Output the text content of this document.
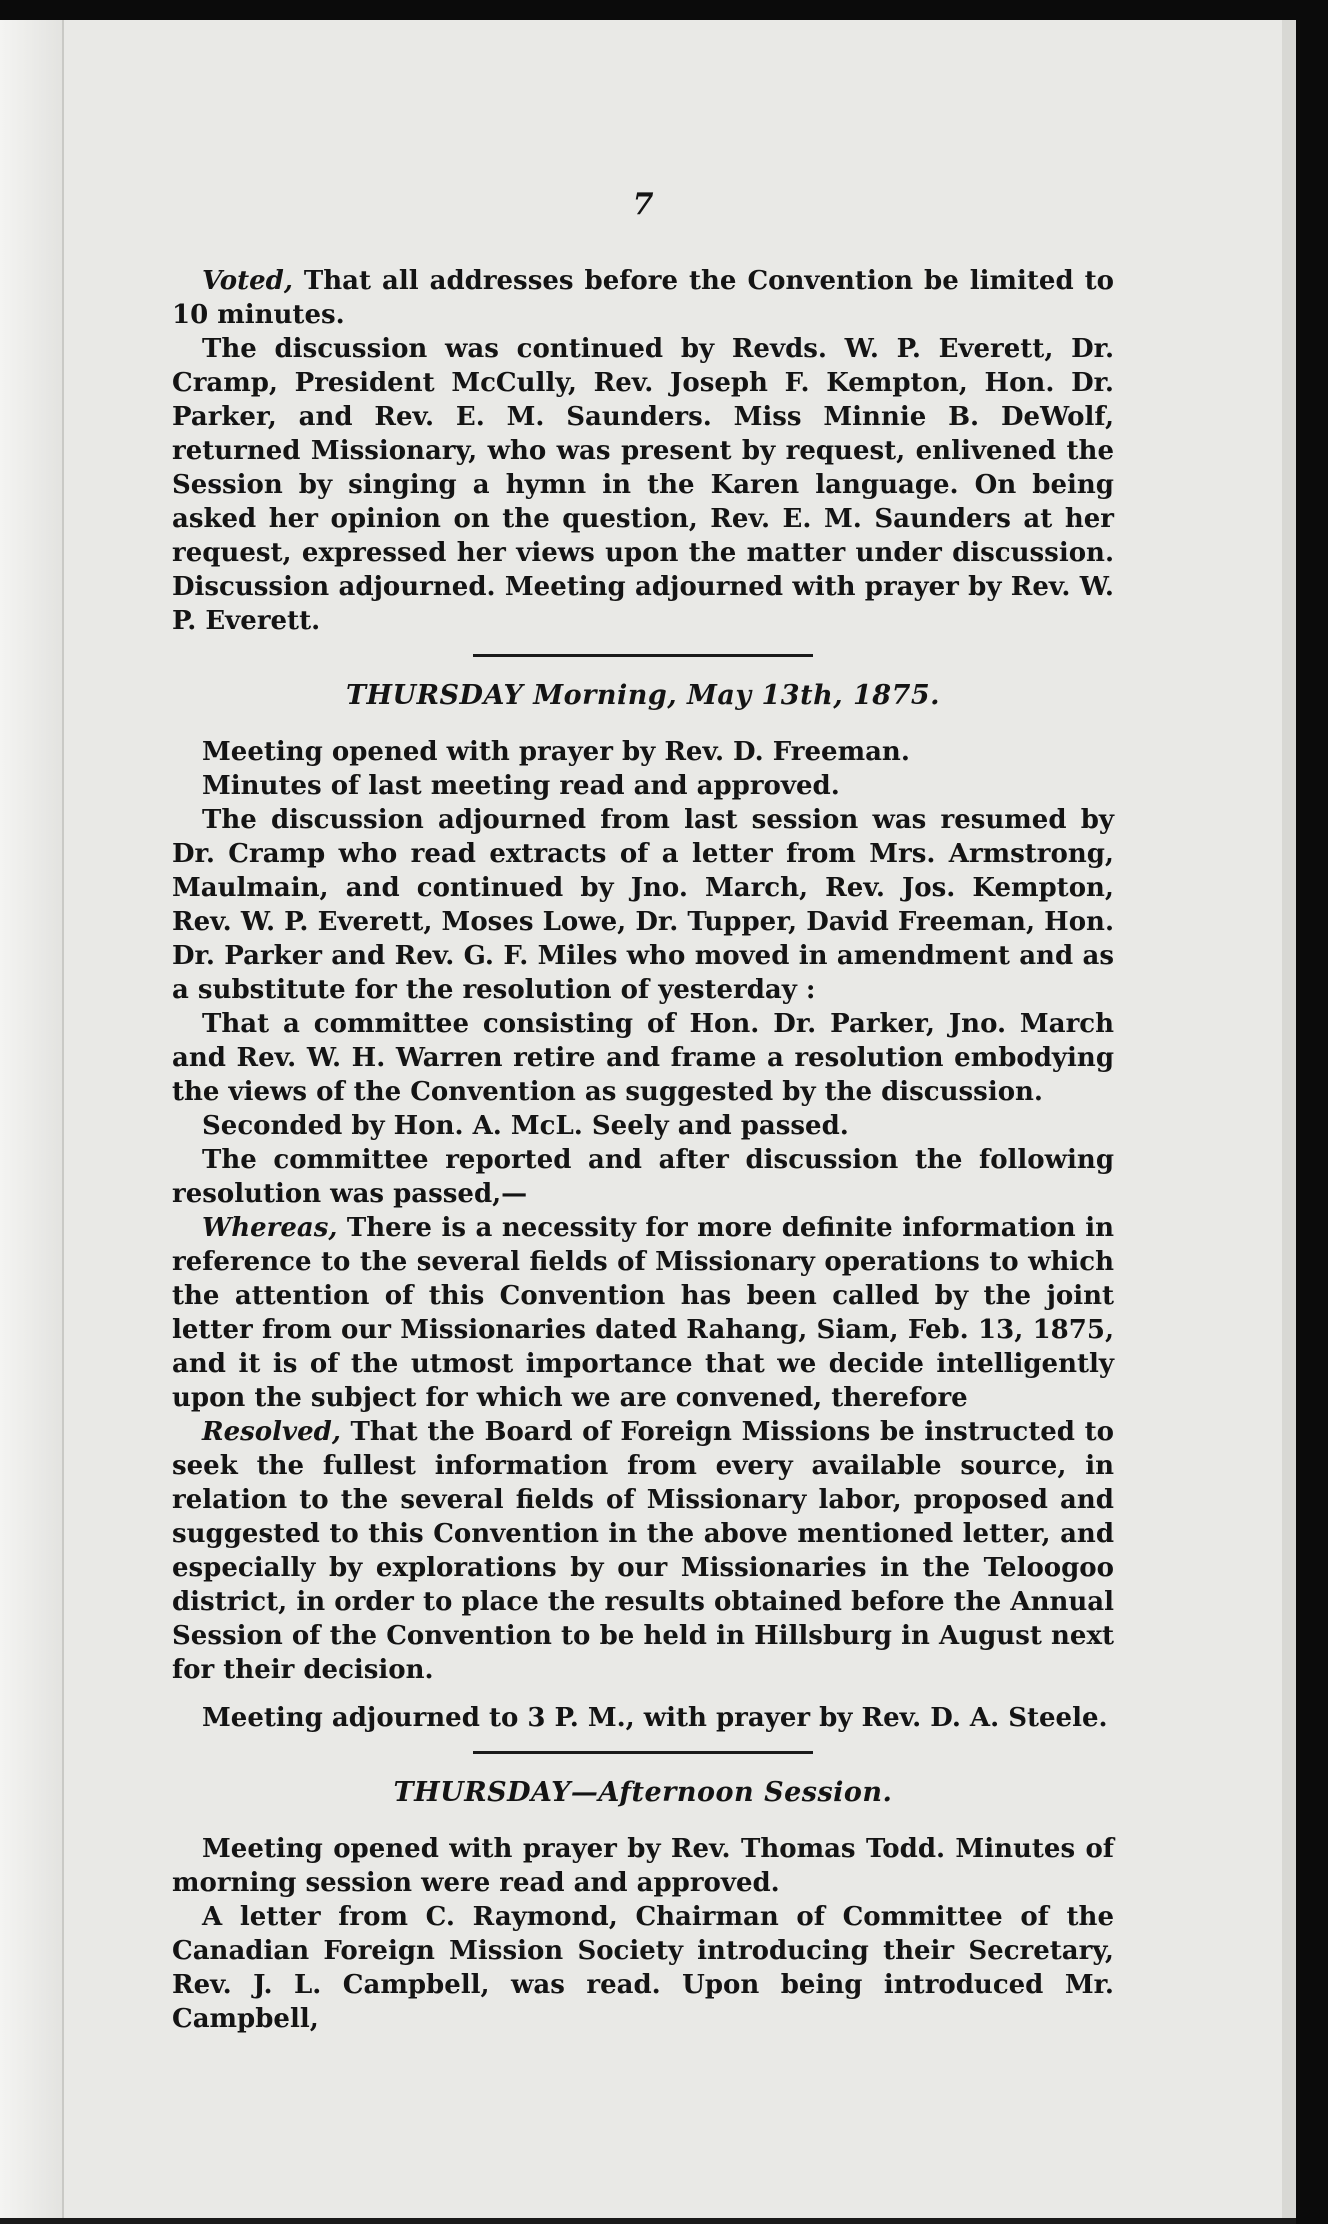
7

Voted, That all addresses before the Convention be limited to 10 minutes.

The discussion was continued by Revds. W. P. Everett, Dr. Cramp, President McCully, Rev. Joseph F. Kempton, Hon. Dr. Parker, and Rev. E. M. Saunders. Miss Minnie B. DeWolf, returned Missionary, who was present by request, enlivened the Session by singing a hymn in the Karen language. On being asked her opinion on the question, Rev. E. M. Saunders at her request, expressed her views upon the matter under discussion. Discussion adjourned. Meeting adjourned with prayer by Rev. W. P. Everett.

THURSDAY Morning, May 13th, 1875.

Meeting opened with prayer by Rev. D. Freeman.

Minutes of last meeting read and approved.

The discussion adjourned from last session was resumed by Dr. Cramp who read extracts of a letter from Mrs. Armstrong, Maulmain, and continued by Jno. March, Rev. Jos. Kempton, Rev. W. P. Everett, Moses Lowe, Dr. Tupper, David Freeman, Hon. Dr. Parker and Rev. G. F. Miles who moved in amendment and as a substitute for the resolution of yesterday :

That a committee consisting of Hon. Dr. Parker, Jno. March and Rev. W. H. Warren retire and frame a resolution embodying the views of the Convention as suggested by the discussion.

Seconded by Hon. A. McL. Seely and passed.

The committee reported and after discussion the following resolution was passed,—

Whereas, There is a necessity for more definite information in reference to the several fields of Missionary operations to which the attention of this Convention has been called by the joint letter from our Missionaries dated Rahang, Siam, Feb. 13, 1875, and it is of the utmost importance that we decide intelligently upon the subject for which we are convened, therefore

Resolved, That the Board of Foreign Missions be instructed to seek the fullest information from every available source, in relation to the several fields of Missionary labor, proposed and suggested to this Convention in the above mentioned letter, and especially by explorations by our Missionaries in the Teloogoo district, in order to place the results obtained before the Annual Session of the Convention to be held in Hillsburg in August next for their decision.

Meeting adjourned to 3 P. M., with prayer by Rev. D. A. Steele.

THURSDAY—Afternoon Session.

Meeting opened with prayer by Rev. Thomas Todd. Minutes of morning session were read and approved.

A letter from C. Raymond, Chairman of Committee of the Canadian Foreign Mission Society introducing their Secretary, Rev. J. L. Campbell, was read. Upon being introduced Mr. Campbell,
